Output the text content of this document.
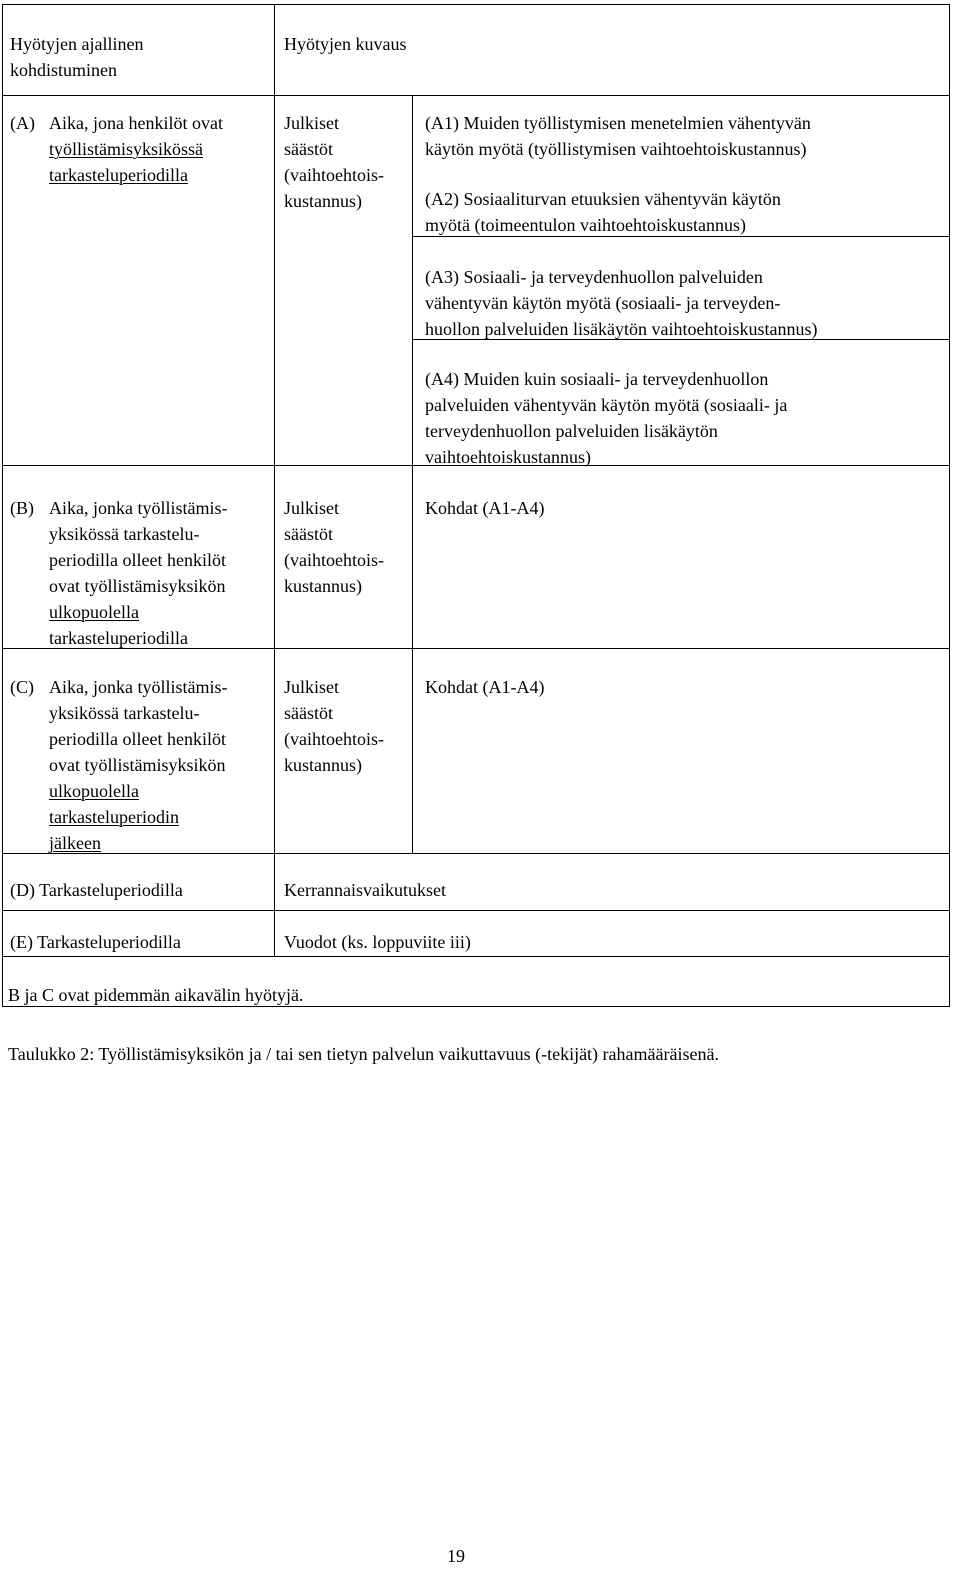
Hyötyjen ajallinen
kohdistuminen
Hyötyjen kuvaus
(A) Aika, jona henkilöt ovat
työllistämisyksikössä
tarkasteluperiodilla
Julkiset
säästöt
(vaihtoehtois-
kustannus)
(A1) Muiden työllistymisen menetelmien vähentyvän
käytön myötä (työllistymisen vaihtoehtoiskustannus)
(A2) Sosiaaliturvan etuuksien vähentyvän käytön
myötä (toimeentulon vaihtoehtoiskustannus)
(A3) Sosiaali- ja terveydenhuollon palveluiden
vähentyvän käytön myötä (sosiaali- ja terveyden-
huollon palveluiden lisäkäytön vaihtoehtoiskustannus)
(A4) Muiden kuin sosiaali- ja terveydenhuollon
palveluiden vähentyvän käytön myötä (sosiaali- ja
terveydenhuollon palveluiden lisäkäytön
vaihtoehtoiskustannus)
(B) Aika, jonka työllistämis-
yksikössä tarkastelu-
periodilla olleet henkilöt
ovat työllistämisyksikön
ulkopuolella
tarkasteluperiodilla
Julkiset
säästöt
(vaihtoehtois-
kustannus)
Kohdat (A1-A4)
(C) Aika, jonka työllistämis-
yksikössä tarkastelu-
periodilla olleet henkilöt
ovat työllistämisyksikön
ulkopuolella
tarkasteluperiodin
jälkeen
Julkiset
säästöt
(vaihtoehtois-
kustannus)
Kohdat (A1-A4)
(D) Tarkasteluperiodilla	Kerrannaisvaikutukset
(E) Tarkasteluperiodilla	Vuodot (ks. loppuviite iii)
B ja C ovat pidemmän aikavälin hyötyjä.
Taulukko 2: Työllistämisyksikön ja / tai sen tietyn palvelun vaikuttavuus (-tekijät) rahamääräisenä.
19
